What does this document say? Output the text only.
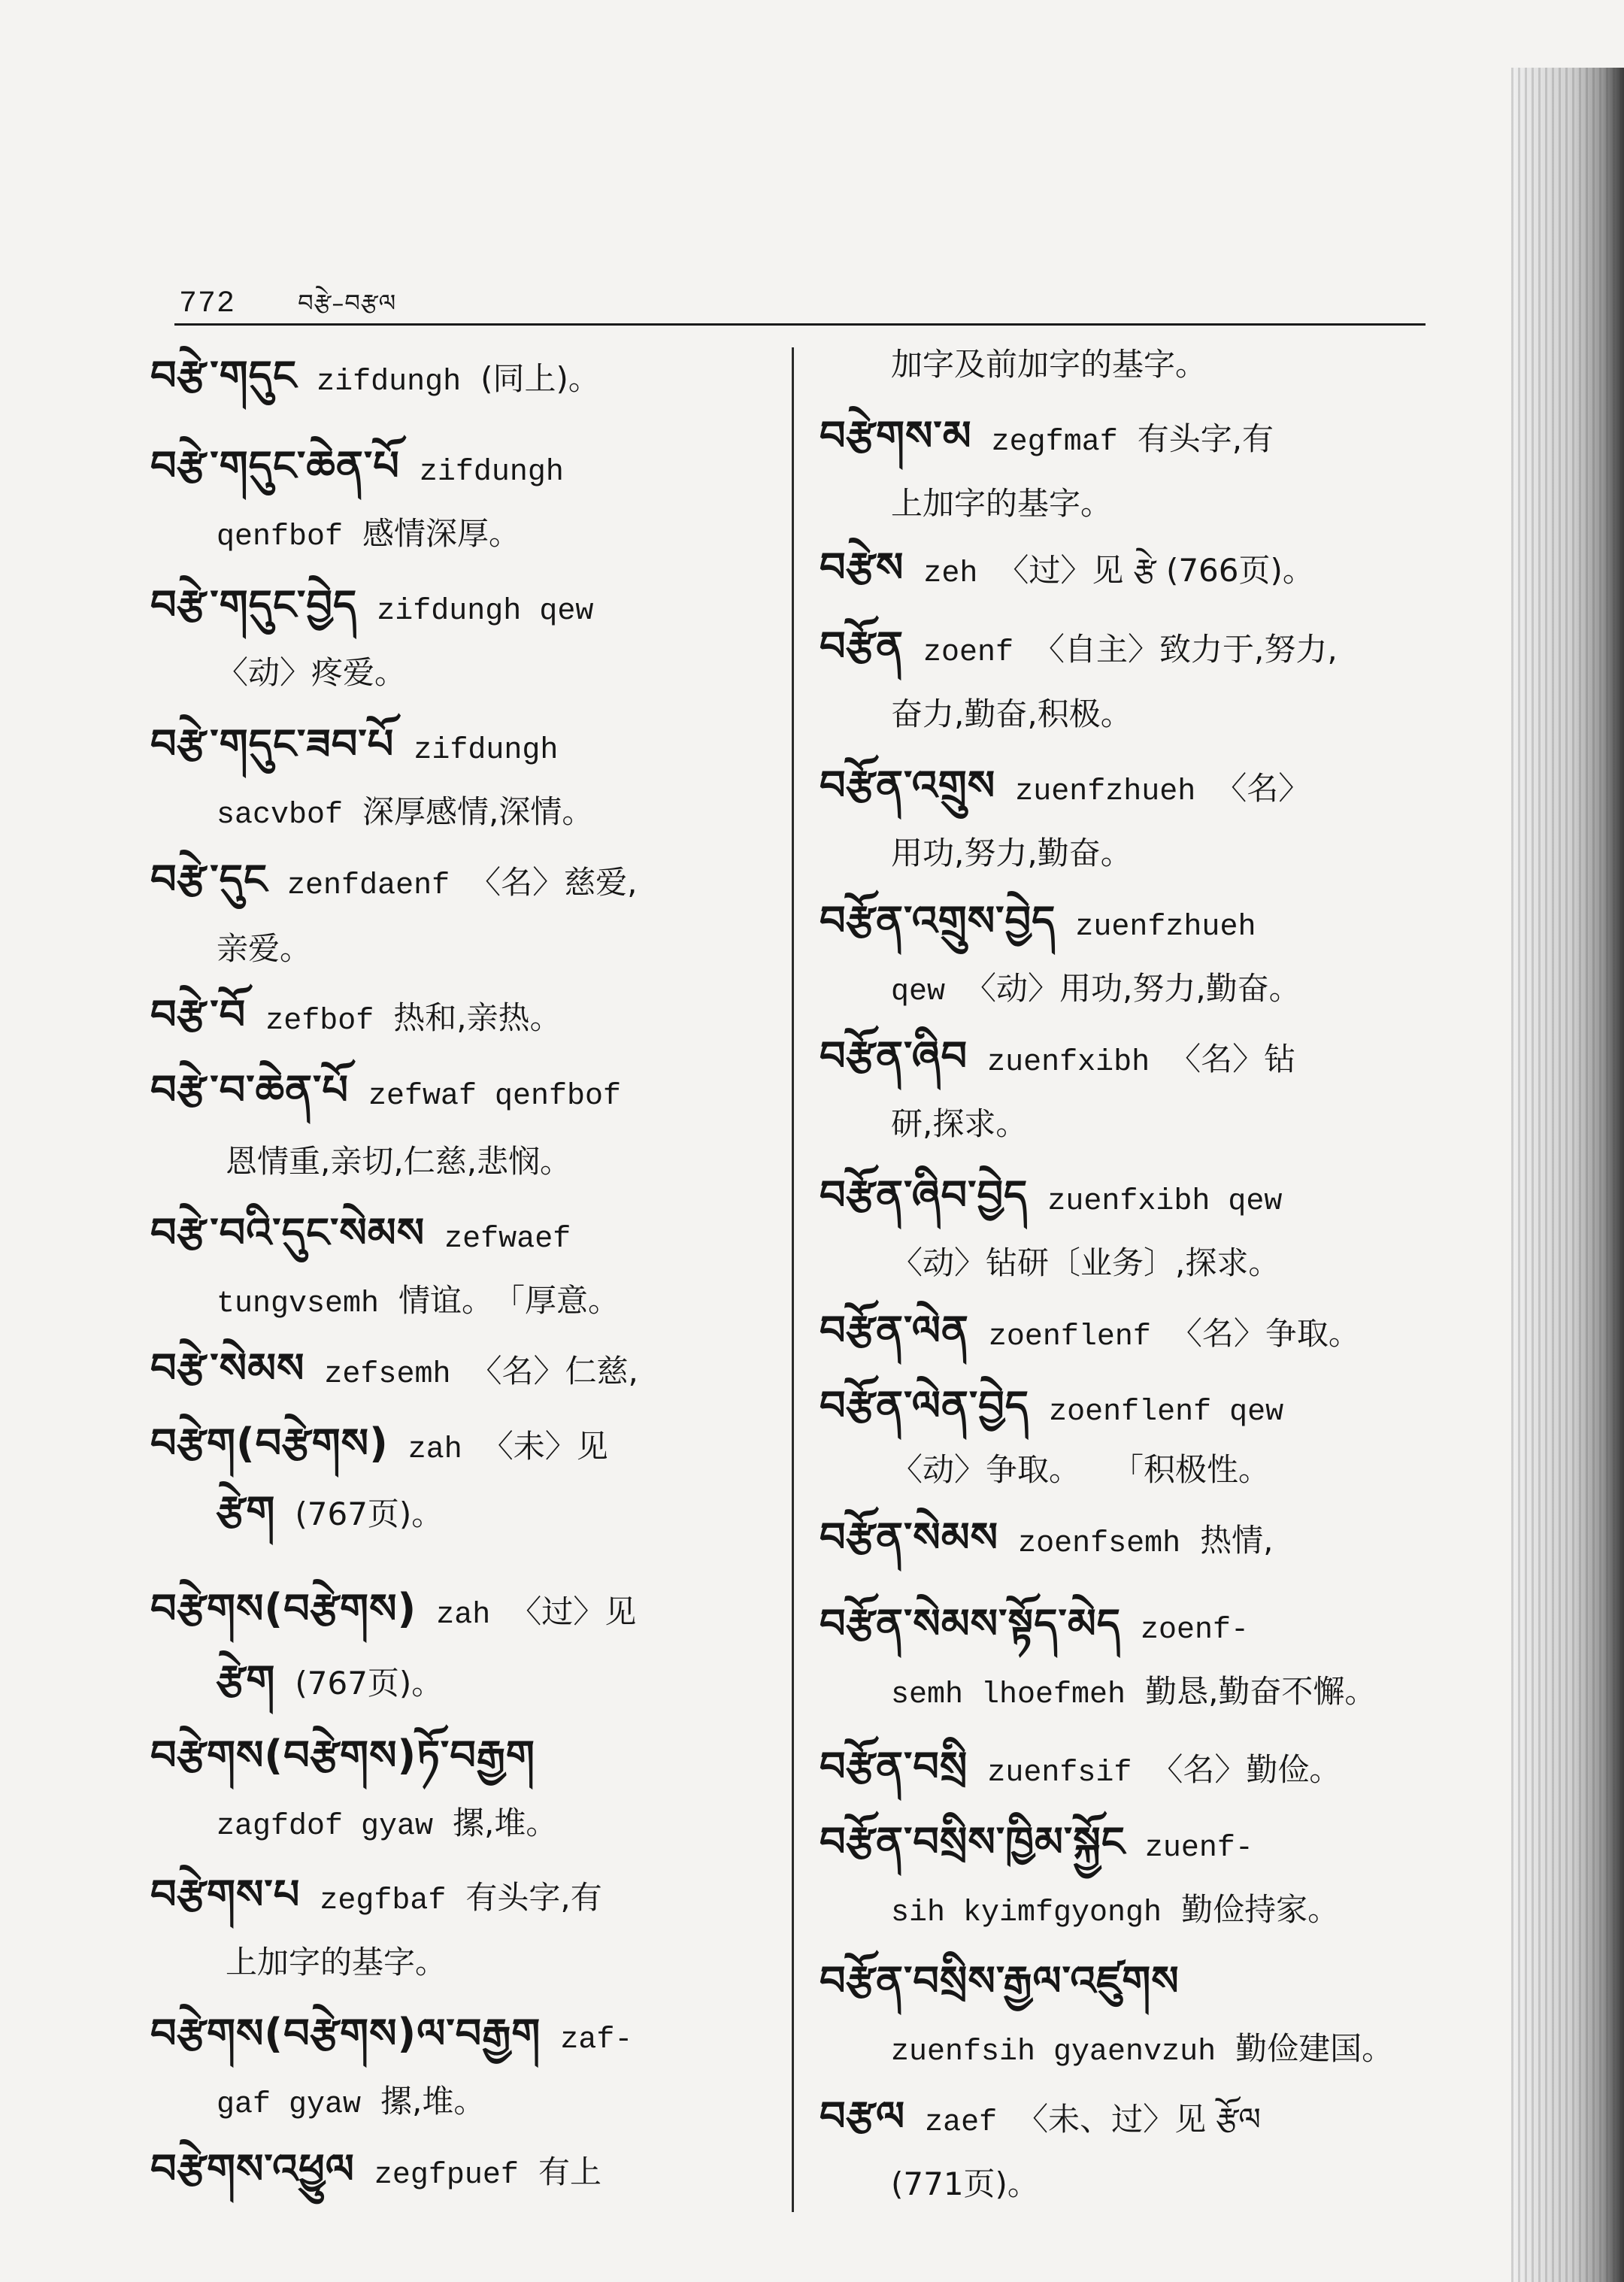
772	བརྩེ–བརྩལ
བརྩེ་གདུང zifdungh (同上)。
བརྩེ་གདུང་ཆེན་པོ zifdungh
qenfbof 感情深厚。
བརྩེ་གདུང་བྱེད zifdungh qew
〈动〉疼爱。
བརྩེ་གདུང་ཟབ་པོ zifdungh
sacvbof 深厚感情,深情。
བརྩེ་དུང zenfdaenf 〈名〉慈爱,
亲爱。
བརྩེ་བོ zefbof 热和,亲热。
བརྩེ་བ་ཆེན་པོ zefwaf qenfbof
恩情重,亲切,仁慈,悲悯。
བརྩེ་བའི་དུང་སེམས zefwaef
tungvsemh 情谊。　「厚意。
བརྩེ་སེམས zefsemh 〈名〉仁慈,
བརྩེག(བརྩེགས) zah 〈未〉见
རྩེག (767页)。
བརྩེགས(བརྩེགས) zah 〈过〉见
རྩེག (767页)。
བརྩེགས(བརྩེགས)ཏོ་བརྒྱག
zagfdof gyaw 摞,堆。
བརྩེགས་པ zegfbaf 有头字,有
上加字的基字。
བརྩེགས(བརྩེགས)ལ་བརྒྱག zaf-
gaf gyaw 摞,堆。
བརྩེགས་འཕྱུལ zegfpuef 有上
加字及前加字的基字。
བརྩེགས་མ zegfmaf 有头字,有
上加字的基字。
བརྩེས zeh 〈过〉见 རྩེ (766页)。
བརྩོན zoenf 〈自主〉致力于,努力,
奋力,勤奋,积极。
བརྩོན་འགྲུས zuenfzhueh 〈名〉
用功,努力,勤奋。
བརྩོན་འགྲུས་བྱེད zuenfzhueh
qew 〈动〉用功,努力,勤奋。
བརྩོན་ཞིབ zuenfxibh 〈名〉钻
研,探求。
བརྩོན་ཞིབ་བྱེད zuenfxibh qew
〈动〉钻研〔业务〕,探求。
བརྩོན་ལེན zoenflenf 〈名〉争取。
བརྩོན་ལེན་བྱེད zoenflenf qew
〈动〉争取。　　「积极性。
བརྩོན་སེམས zoenfsemh 热情,
བརྩོན་སེམས་སྟོད་མེད zoenf-
semh lhoefmeh 勤恳,勤奋不懈。
བརྩོན་བསྲི zuenfsif 〈名〉勤俭。
བརྩོན་བསྲིས་ཁྱིམ་སྐྱོང zuenf-
sih kyimfgyongh 勤俭持家。
བརྩོན་བསྲིས་རྒྱལ་འཛུགས
zuenfsih gyaenvzuh 勤俭建国。
བརྩལ zaef 〈未、过〉见 རྩོལ
(771页)。
